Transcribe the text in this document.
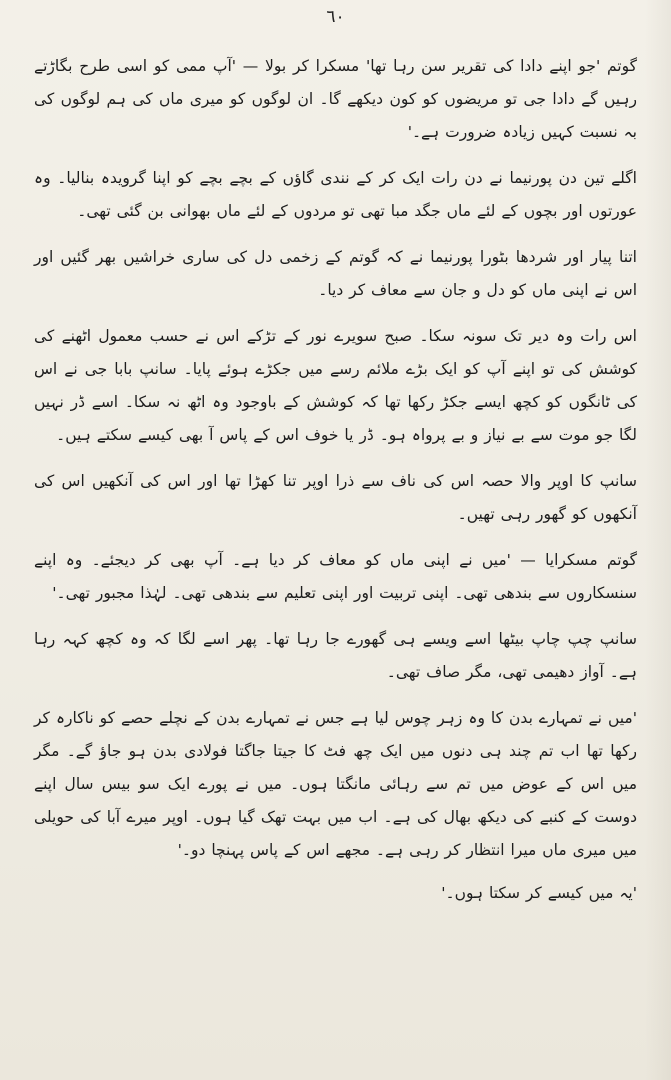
٦٠

گوتم 'جو اپنے دادا کی تقریر سن رہا تھا' مسکرا کر بولا — 'آپ ممی کو اسی طرح بگاڑتے رہیں گے دادا جی تو مریضوں کو کون دیکھے گا۔ ان لوگوں کو میری ماں کی ہم لوگوں کی بہ نسبت کہیں زیادہ ضرورت ہے۔'

اگلے تین دن پورنیما نے دن رات ایک کر کے نندی گاؤں کے بچے بچے کو اپنا گرویدہ بنالیا۔ وہ عورتوں اور بچوں کے لئے ماں جگد مبا تھی تو مردوں کے لئے ماں بھوانی بن گئی تھی۔

اتنا پیار اور شردھا بٹورا پورنیما نے کہ گوتم کے زخمی دل کی ساری خراشیں بھر گئیں اور اس نے اپنی ماں کو دل و جان سے معاف کر دیا۔

اس رات وہ دیر تک سونہ سکا۔ صبح سویرے نور کے تڑکے اس نے حسب معمول اٹھنے کی کوشش کی تو اپنے آپ کو ایک بڑے ملائم رسے میں جکڑے ہوئے پایا۔ سانپ بابا جی نے اس کی ٹانگوں کو کچھ ایسے جکڑ رکھا تھا کہ کوشش کے باوجود وہ اٹھ نہ سکا۔ اسے ڈر نہیں لگا جو موت سے بے نیاز و بے پرواہ ہو۔ ڈر یا خوف اس کے پاس آ بھی کیسے سکتے ہیں۔

سانپ کا اوپر والا حصہ اس کی ناف سے ذرا اوپر تنا کھڑا تھا اور اس کی آنکھیں اس کی آنکھوں کو گھور رہی تھیں۔

گوتم مسکرایا — 'میں نے اپنی ماں کو معاف کر دیا ہے۔ آپ بھی کر دیجئے۔ وہ اپنے سنسکاروں سے بندھی تھی۔ اپنی تربیت اور اپنی تعلیم سے بندھی تھی۔ لہٰذا مجبور تھی۔'

سانپ چپ چاپ بیٹھا اسے ویسے ہی گھورے جا رہا تھا۔ پھر اسے لگا کہ وہ کچھ کہہ رہا ہے۔ آواز دھیمی تھی، مگر صاف تھی۔

'میں نے تمہارے بدن کا وہ زہر چوس لیا ہے جس نے تمہارے بدن کے نچلے حصے کو ناکارہ کر رکھا تھا اب تم چند ہی دنوں میں ایک چھ فٹ کا جیتا جاگتا فولادی بدن ہو جاؤ گے۔ مگر میں اس کے عوض میں تم سے رہائی مانگتا ہوں۔ میں نے پورے ایک سو بیس سال اپنے دوست کے کنبے کی دیکھ بھال کی ہے۔ اب میں بہت تھک گیا ہوں۔ اوپر میرے آبا کی حویلی میں میری ماں میرا انتظار کر رہی ہے۔ مجھے اس کے پاس پہنچا دو۔'

'یہ میں کیسے کر سکتا ہوں۔'
